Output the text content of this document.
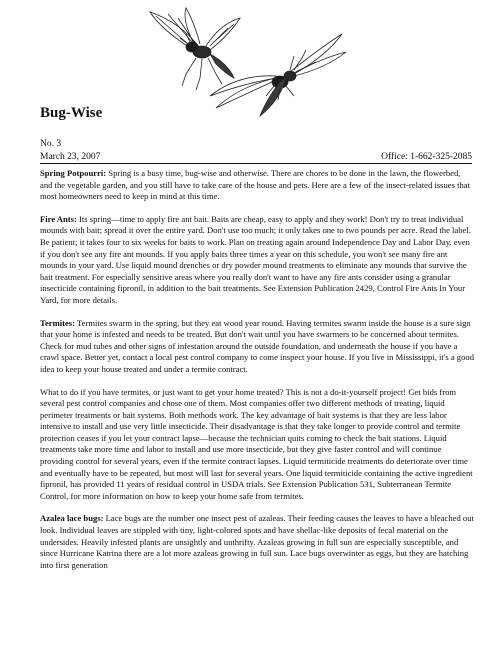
Bug-Wise
No. 3
March 23, 2007	Office: 1-662-325-2085

Spring Potpourri: Spring is a busy time, bug-wise and otherwise. There are chores to be done in the lawn, the flowerbed, and the vegetable garden, and you still have to take care of the house and pets. Here are a few of the insect-related issues that most homeowners need to keep in mind at this time.

Fire Ants: Its spring—time to apply fire ant bait. Baits are cheap, easy to apply and they work! Don't try to treat individual mounds with bait; spread it over the entire yard. Don't use too much; it only takes one to two pounds per acre. Read the label. Be patient; it takes four to six weeks for baits to work. Plan on treating again around Independence Day and Labor Day, even if you don't see any fire ant mounds. If you apply baits three times a year on this schedule, you won't see many fire ant mounds in your yard. Use liquid mound drenches or dry powder mound treatments to eliminate any mounds that survive the bait treatment. For especially sensitive areas where you really don't want to have any fire ants consider using a granular insecticide containing fipronil, in addition to the bait treatments. See Extension Publication 2429, Control Fire Ants In Your Yard, for more details.

Termites: Termites swarm in the spring, but they eat wood year round. Having termites swarm inside the house is a sure sign that your home is infested and needs to be treated. But don't wait until you have swarmers to be concerned about termites. Check for mud tubes and other signs of infestation around the outside foundation, and underneath the house if you have a crawl space. Better yet, contact a local pest control company to come inspect your house. If you live in Mississippi, it's a good idea to keep your house treated and under a termite contract.

What to do if you have termites, or just want to get your home treated? This is not a do-it-yourself project! Get bids from several pest control companies and chose one of them. Most companies offer two different methods of treating, liquid perimeter treatments or bait systems. Both methods work. The key advantage of bait systems is that they are less labor intensive to install and use very little insecticide. Their disadvantage is that they take longer to provide control and termite protection ceases if you let your contract lapse—because the technician quits coming to check the bait stations. Liquid treatments take more time and labor to install and use more insecticide, but they give faster control and will continue providing control for several years, even if the termite contract lapses. Liquid termiticide treatments do deteriorate over time and eventually have to be repeated, but most will last for several years. One liquid termiticide containing the active ingredient fipronil, has provided 11 years of residual control in USDA trials. See Extension Publication 531, Subterranean Termite Control, for more information on how to keep your home safe from termites.

Azalea lace bugs: Lace bugs are the number one insect pest of azaleas. Their feeding causes the leaves to have a bleached out look. Individual leaves are stippled with tiny, light-colored spots and have shellac-like deposits of fecal material on the undersides. Heavily infested plants are unsightly and unthrifty. Azaleas growing in full sun are especially susceptible, and since Hurricane Katrina there are a lot more azaleas growing in full sun. Lace bugs overwinter as eggs, but they are hatching into first generation
